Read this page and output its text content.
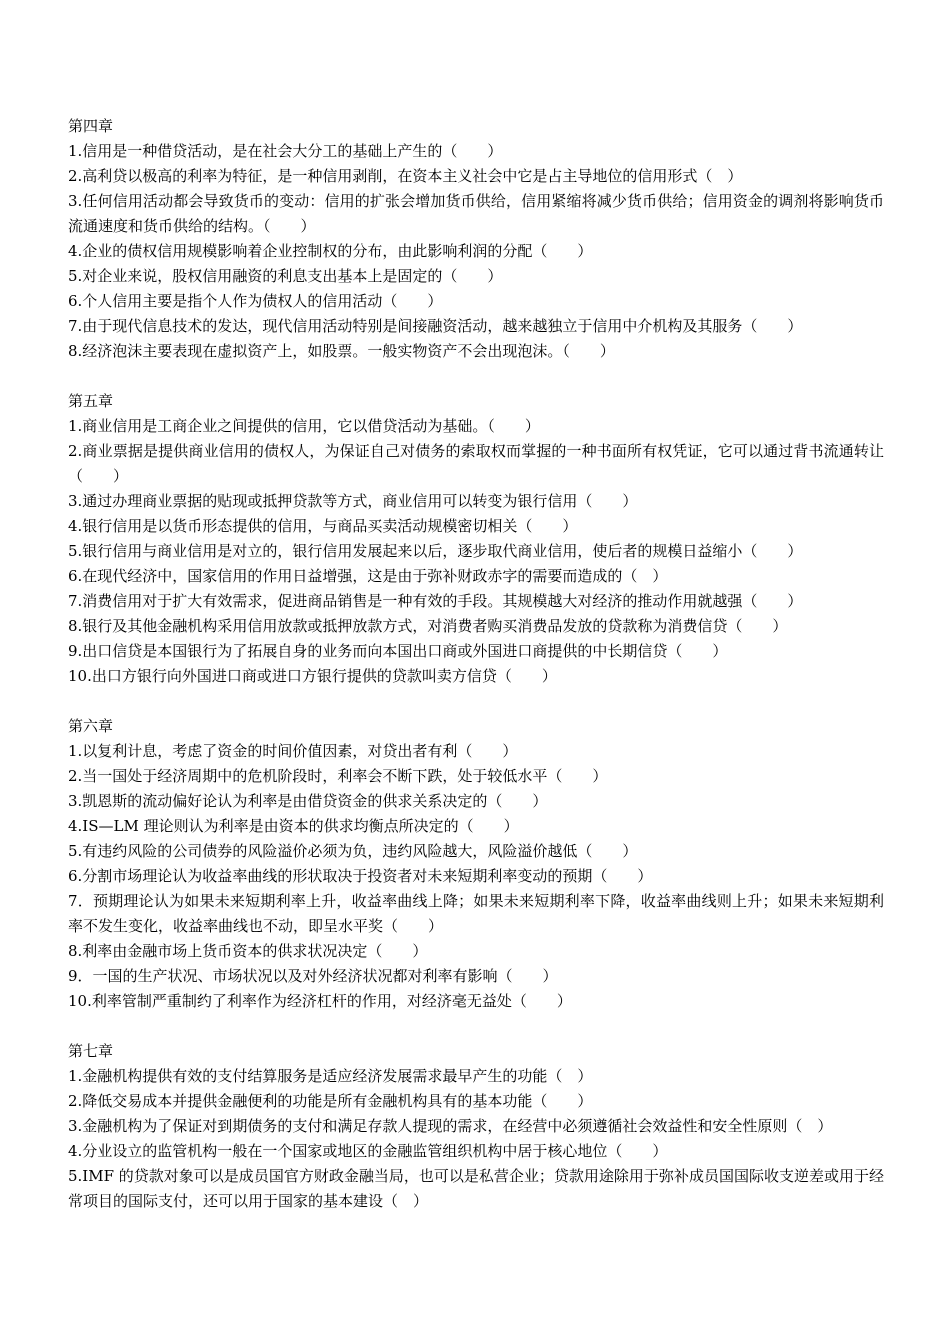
第四章

1.信用是一种借贷活动，是在社会大分工的基础上产生的（　　）

2.高利贷以极高的利率为特征，是一种信用剥削，在资本主义社会中它是占主导地位的信用形式（　）

3.任何信用活动都会导致货币的变动：信用的扩张会增加货币供给，信用紧缩将减少货币供给；信用资金的调剂将影响货币流通速度和货币供给的结构。（　　）

4.企业的债权信用规模影响着企业控制权的分布，由此影响利润的分配（　　）

5.对企业来说，股权信用融资的利息支出基本上是固定的（　　）

6.个人信用主要是指个人作为债权人的信用活动（　　）

7.由于现代信息技术的发达，现代信用活动特别是间接融资活动，越来越独立于信用中介机构及其服务（　　）

8.经济泡沫主要表现在虚拟资产上，如股票。一般实物资产不会出现泡沫。（　　）

第五章

1.商业信用是工商企业之间提供的信用，它以借贷活动为基础。（　　）

2.商业票据是提供商业信用的债权人，为保证自己对债务的索取权而掌握的一种书面所有权凭证，它可以通过背书流通转让（　　）

3.通过办理商业票据的贴现或抵押贷款等方式，商业信用可以转变为银行信用（　　）

4.银行信用是以货币形态提供的信用，与商品买卖活动规模密切相关（　　）

5.银行信用与商业信用是对立的，银行信用发展起来以后，逐步取代商业信用，使后者的规模日益缩小（　　）

6.在现代经济中，国家信用的作用日益增强，这是由于弥补财政赤字的需要而造成的（　）

7.消费信用对于扩大有效需求，促进商品销售是一种有效的手段。其规模越大对经济的推动作用就越强（　　）

8.银行及其他金融机构采用信用放款或抵押放款方式，对消费者购买消费品发放的贷款称为消费信贷（　　）

9.出口信贷是本国银行为了拓展自身的业务而向本国出口商或外国进口商提供的中长期信贷（　　）

10.出口方银行向外国进口商或进口方银行提供的贷款叫卖方信贷（　　）

第六章

1.以复利计息，考虑了资金的时间价值因素，对贷出者有利（　　）

2.当一国处于经济周期中的危机阶段时，利率会不断下跌，处于较低水平（　　）

3.凯恩斯的流动偏好论认为利率是由借贷资金的供求关系决定的（　　）

4.IS—LM 理论则认为利率是由资本的供求均衡点所决定的（　　）

5.有违约风险的公司债券的风险溢价必须为负，违约风险越大，风险溢价越低（　　）

6.分割市场理论认为收益率曲线的形状取决于投资者对未来短期利率变动的预期（　　）

7．预期理论认为如果未来短期利率上升，收益率曲线上降；如果未来短期利率下降，收益率曲线则上升；如果未来短期利率不发生变化，收益率曲线也不动，即呈水平奖（　　）

8.利率由金融市场上货币资本的供求状况决定（　　）

9．一国的生产状况、市场状况以及对外经济状况都对利率有影响（　　）

10.利率管制严重制约了利率作为经济杠杆的作用，对经济毫无益处（　　）

第七章

1.金融机构提供有效的支付结算服务是适应经济发展需求最早产生的功能（　）

2.降低交易成本并提供金融便利的功能是所有金融机构具有的基本功能（　　）

3.金融机构为了保证对到期债务的支付和满足存款人提现的需求，在经营中必须遵循社会效益性和安全性原则（　）

4.分业设立的监管机构一般在一个国家或地区的金融监管组织机构中居于核心地位（　　）

5.IMF 的贷款对象可以是成员国官方财政金融当局，也可以是私营企业；贷款用途除用于弥补成员国国际收支逆差或用于经常项目的国际支付，还可以用于国家的基本建设（　）
